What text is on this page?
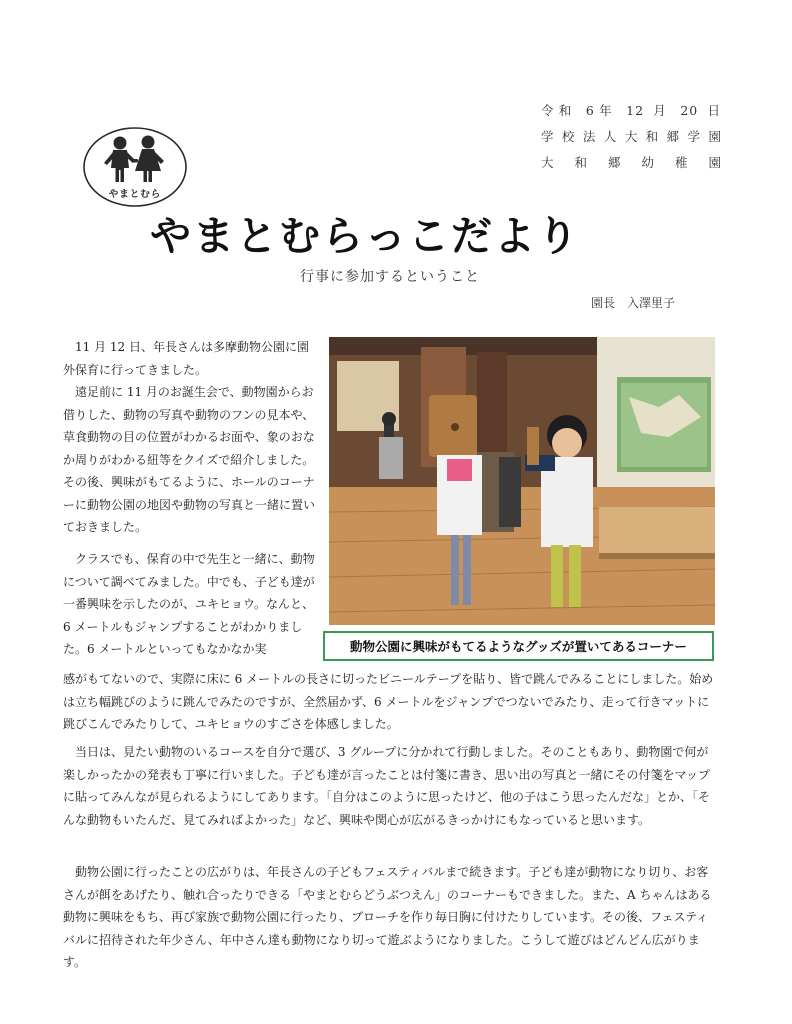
令和 6年 12 月 20 日
学校法人大和郷学園
大和郷幼稚園
やまとむら
やまとむらっこだより
行事に参加するということ
園長 入澤里子
動物公園に興味がもてるようなグッズが置いてあるコーナー

11 月 12 日、年長さんは多摩動物公園に園外保育に行ってきました。

遠足前に 11 月のお誕生会で、動物園からお借りした、動物の写真や動物のフンの見本や、草食動物の目の位置がわかるお面や、象のおなか周りがわかる紐等をクイズで紹介しました。その後、興味がもてるように、ホールのコーナーに動物公園の地図や動物の写真と一緒に置いておきました。

クラスでも、保育の中で先生と一緒に、動物について調べてみました。中でも、子ども達が一番興味を示したのが、ユキヒョウ。なんと、6 メートルもジャンプすることがわかりました。6 メートルといってもなかなか実

感がもてないので、実際に床に 6 メートルの長さに切ったビニールテープを貼り、皆で跳んでみることにしました。始めは立ち幅跳びのように跳んでみたのですが、全然届かず、6 メートルをジャンプでつないでみたり、走って行きマットに跳びこんでみたりして、ユキヒョウのすごさを体感しました。

当日は、見たい動物のいるコースを自分で選び、3 グループに分かれて行動しました。そのこともあり、動物園で何が楽しかったかの発表も丁寧に行いました。子ども達が言ったことは付箋に書き、思い出の写真と一緒にその付箋をマップに貼ってみんなが見られるようにしてあります。「自分はこのように思ったけど、他の子はこう思ったんだな」とか、「そんな動物もいたんだ、見てみればよかった」など、興味や関心が広がるきっかけにもなっていると思います。

動物公園に行ったことの広がりは、年長さんの子どもフェスティバルまで続きます。子ども達が動物になり切り、お客さんが餌をあげたり、触れ合ったりできる「やまとむらどうぶつえん」のコーナーもできました。また、A ちゃんはある動物に興味をもち、再び家族で動物公園に行ったり、ブローチを作り毎日胸に付けたりしています。その後、フェスティバルに招待された年少さん、年中さん達も動物になり切って遊ぶようになりました。こうして遊びはどんどん広がります。
